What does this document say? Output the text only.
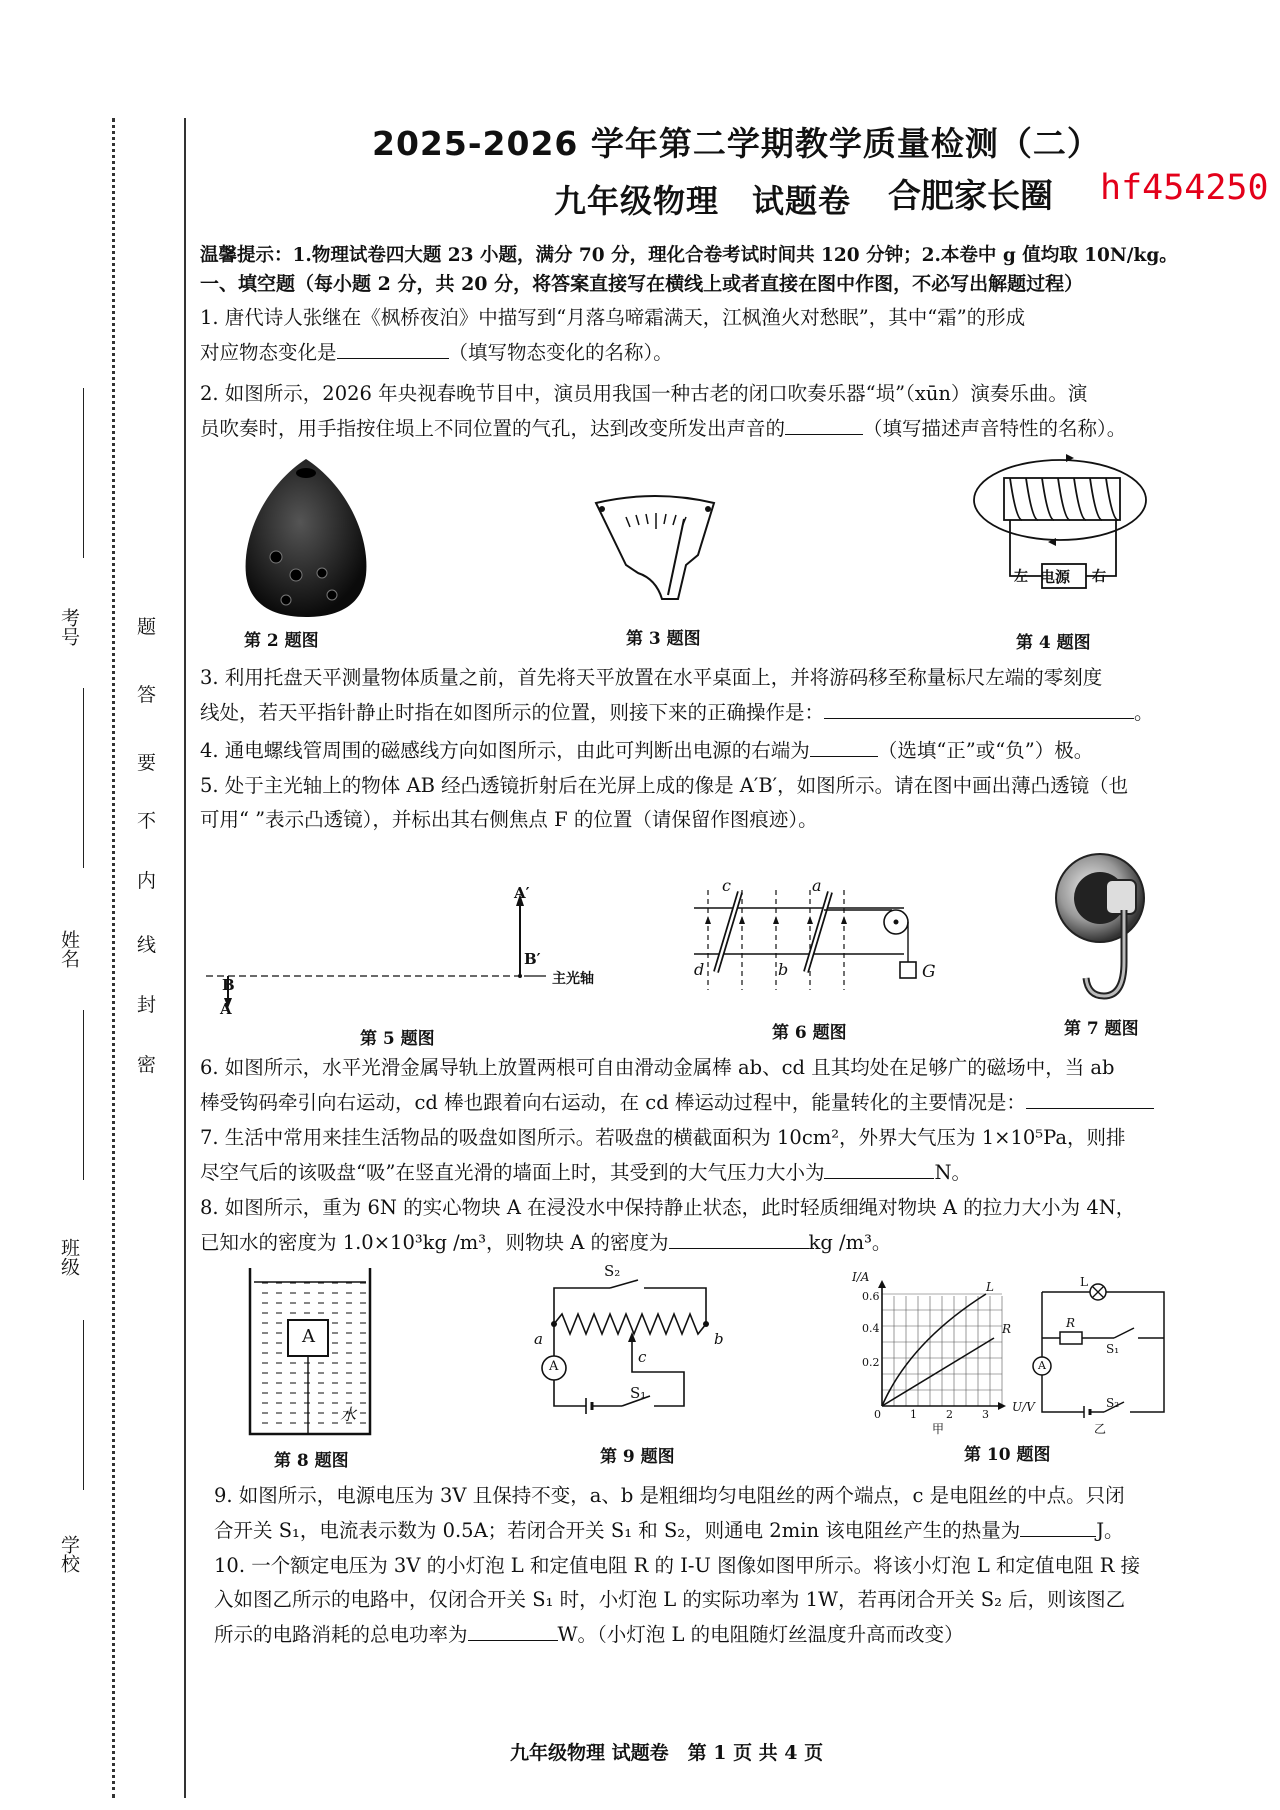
考号
姓名
班级
学校
题
答
要
不
内
线
封
密
2025-2026 学年第二学期教学质量检测（二）
九年级物理　试题卷 合肥家长圈 hf454250
温馨提示：1.物理试卷四大题 23 小题，满分 70 分，理化合卷考试时间共 120 分钟；2.本卷中 g 值均取 10N/kg。
一、填空题（每小题 2 分，共 20 分，将答案直接写在横线上或者直接在图中作图，不必写出解题过程）
1. 唐代诗人张继在《枫桥夜泊》中描写到“月落乌啼霜满天，江枫渔火对愁眠”，其中“霜”的形成
对应物态变化是	（填写物态变化的名称）。
2. 如图所示，2026 年央视春晚节目中，演员用我国一种古老的闭口吹奏乐器“埙”（xūn）演奏乐曲。演
员吹奏时，用手指按住埙上不同位置的气孔，达到改变所发出声音的	（填写描述声音特性的名称）。
第 2 题图	第 3 题图
电源
左	右
第 4 题图
3. 利用托盘天平测量物体质量之前，首先将天平放置在水平桌面上，并将游码移至称量标尺左端的零刻度
线处，若天平指针静止时指在如图所示的位置，则接下来的正确操作是：	。
4. 通电螺线管周围的磁感线方向如图所示，由此可判断出电源的右端为	（选填“正”或“负”）极。
5. 处于主光轴上的物体 AB 经凸透镜折射后在光屏上成的像是 A′B′，如图所示。请在图中画出薄凸透镜（也
可用“ ”表示凸透镜），并标出其右侧焦点 F 的位置（请保留作图痕迹）。
B
A
A′
B′
主光轴
第 5 题图
c	a
d	b	G
第 6 题图	第 7 题图
6. 如图所示，水平光滑金属导轨上放置两根可自由滑动金属棒 ab、cd 且其均处在足够广的磁场中，当 ab
棒受钩码牵引向右运动，cd 棒也跟着向右运动，在 cd 棒运动过程中，能量转化的主要情况是：
7. 生活中常用来挂生活物品的吸盘如图所示。若吸盘的横截面积为 10cm²，外界大气压为 1×10⁵Pa，则排
尽空气后的该吸盘“吸”在竖直光滑的墙面上时，其受到的大气压力大小为	N。
8. 如图所示，重为 6N 的实心物块 A 在浸没水中保持静止状态，此时轻质细绳对物块 A 的拉力大小为 4N，
已知水的密度为 1.0×10³kg /m³，则物块 A 的密度为	kg /m³。
A
水
第 8 题图
S₂
S₁
a	b
c
A
第 9 题图
I/A
U/V
0.6
0.4
0.2
0	1	2	3
L
R
甲
L
R
S₁
S₂
A
乙
第 10 题图
9. 如图所示，电源电压为 3V 且保持不变，a、b 是粗细均匀电阻丝的两个端点，c 是电阻丝的中点。只闭
合开关 S₁，电流表示数为 0.5A；若闭合开关 S₁ 和 S₂，则通电 2min 该电阻丝产生的热量为	J。
10. 一个额定电压为 3V 的小灯泡 L 和定值电阻 R 的 I-U 图像如图甲所示。将该小灯泡 L 和定值电阻 R 接
入如图乙所示的电路中，仅闭合开关 S₁ 时，小灯泡 L 的实际功率为 1W，若再闭合开关 S₂ 后，则该图乙
所示的电路消耗的总电功率为	W。（小灯泡 L 的电阻随灯丝温度升高而改变）
九年级物理 试题卷　第 1 页 共 4 页
